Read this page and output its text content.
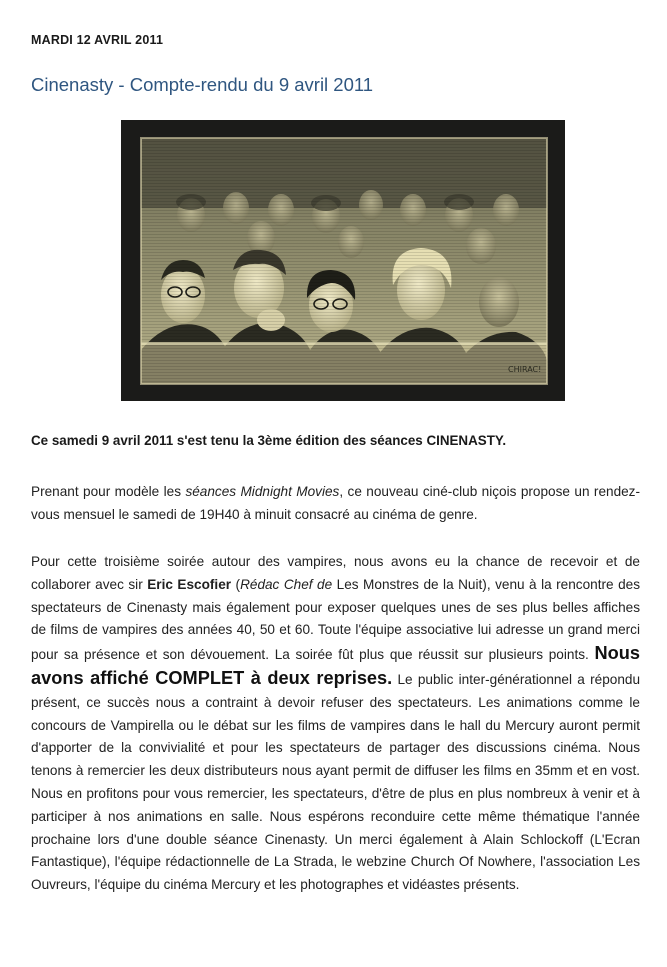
MARDI 12 AVRIL 2011
Cinenasty - Compte-rendu du 9 avril 2011
CHIRAC!
Ce samedi 9 avril 2011 s'est tenu la 3ème édition des séances CINENASTY.
Prenant pour modèle les séances Midnight Movies, ce nouveau ciné-club niçois propose un rendez-vous mensuel le samedi de 19H40 à minuit consacré au cinéma de genre.
Pour cette troisième soirée autour des vampires, nous avons eu la chance de recevoir et de collaborer avec sir Eric Escofier (Rédac Chef de Les Monstres de la Nuit), venu à la rencontre des spectateurs de Cinenasty mais également pour exposer quelques unes de ses plus belles affiches de films de vampires des années 40, 50 et 60. Toute l'équipe associative lui adresse un grand merci pour sa présence et son dévouement. La soirée fût plus que réussit sur plusieurs points. Nous avons affiché COMPLET à deux reprises. Le public inter-générationnel a répondu présent, ce succès nous a contraint à devoir refuser des spectateurs. Les animations comme le concours de Vampirella ou le débat sur les films de vampires dans le hall du Mercury auront permit d'apporter de la convivialité et pour les spectateurs de partager des discussions cinéma. Nous tenons à remercier les deux distributeurs nous ayant permit de diffuser les films en 35mm et en vost. Nous en profitons pour vous remercier, les spectateurs, d'être de plus en plus nombreux à venir et à participer à nos animations en salle. Nous espérons reconduire cette même thématique l'année prochaine lors d'une double séance Cinenasty. Un merci également à Alain Schlockoff (L'Ecran Fantastique), l'équipe rédactionnelle de La Strada, le webzine Church Of Nowhere, l'association Les Ouvreurs, l'équipe du cinéma Mercury et les photographes et vidéastes présents.
